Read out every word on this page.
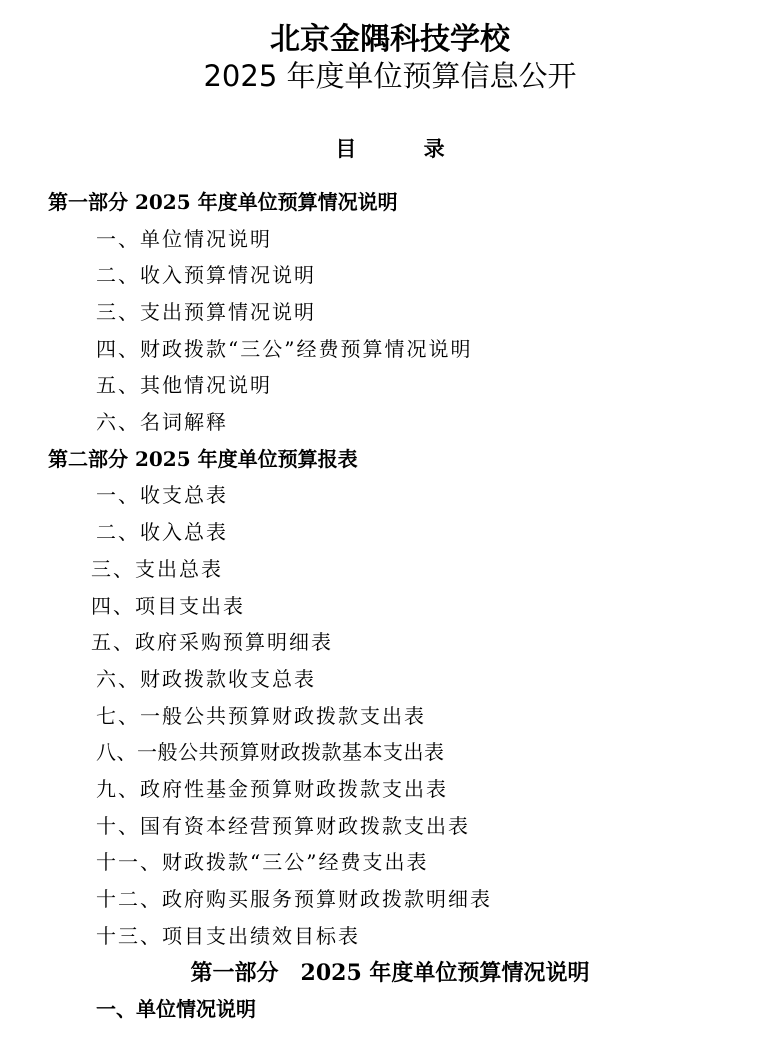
北京金隅科技学校
2025 年度单位预算信息公开
目 录
第一部分 2025 年度单位预算情况说明
一、单位情况说明
二、收入预算情况说明
三、支出预算情况说明
四、财政拨款“三公”经费预算情况说明
五、其他情况说明
六、名词解释
第二部分 2025 年度单位预算报表
一、收支总表
二、收入总表
三、支出总表
四、项目支出表
五、政府采购预算明细表
六、财政拨款收支总表
七、一般公共预算财政拨款支出表
八、一般公共预算财政拨款基本支出表
九、政府性基金预算财政拨款支出表
十、国有资本经营预算财政拨款支出表
十一、财政拨款“三公”经费支出表
十二、政府购买服务预算财政拨款明细表
十三、项目支出绩效目标表
第一部分　2025 年度单位预算情况说明
一、单位情况说明
